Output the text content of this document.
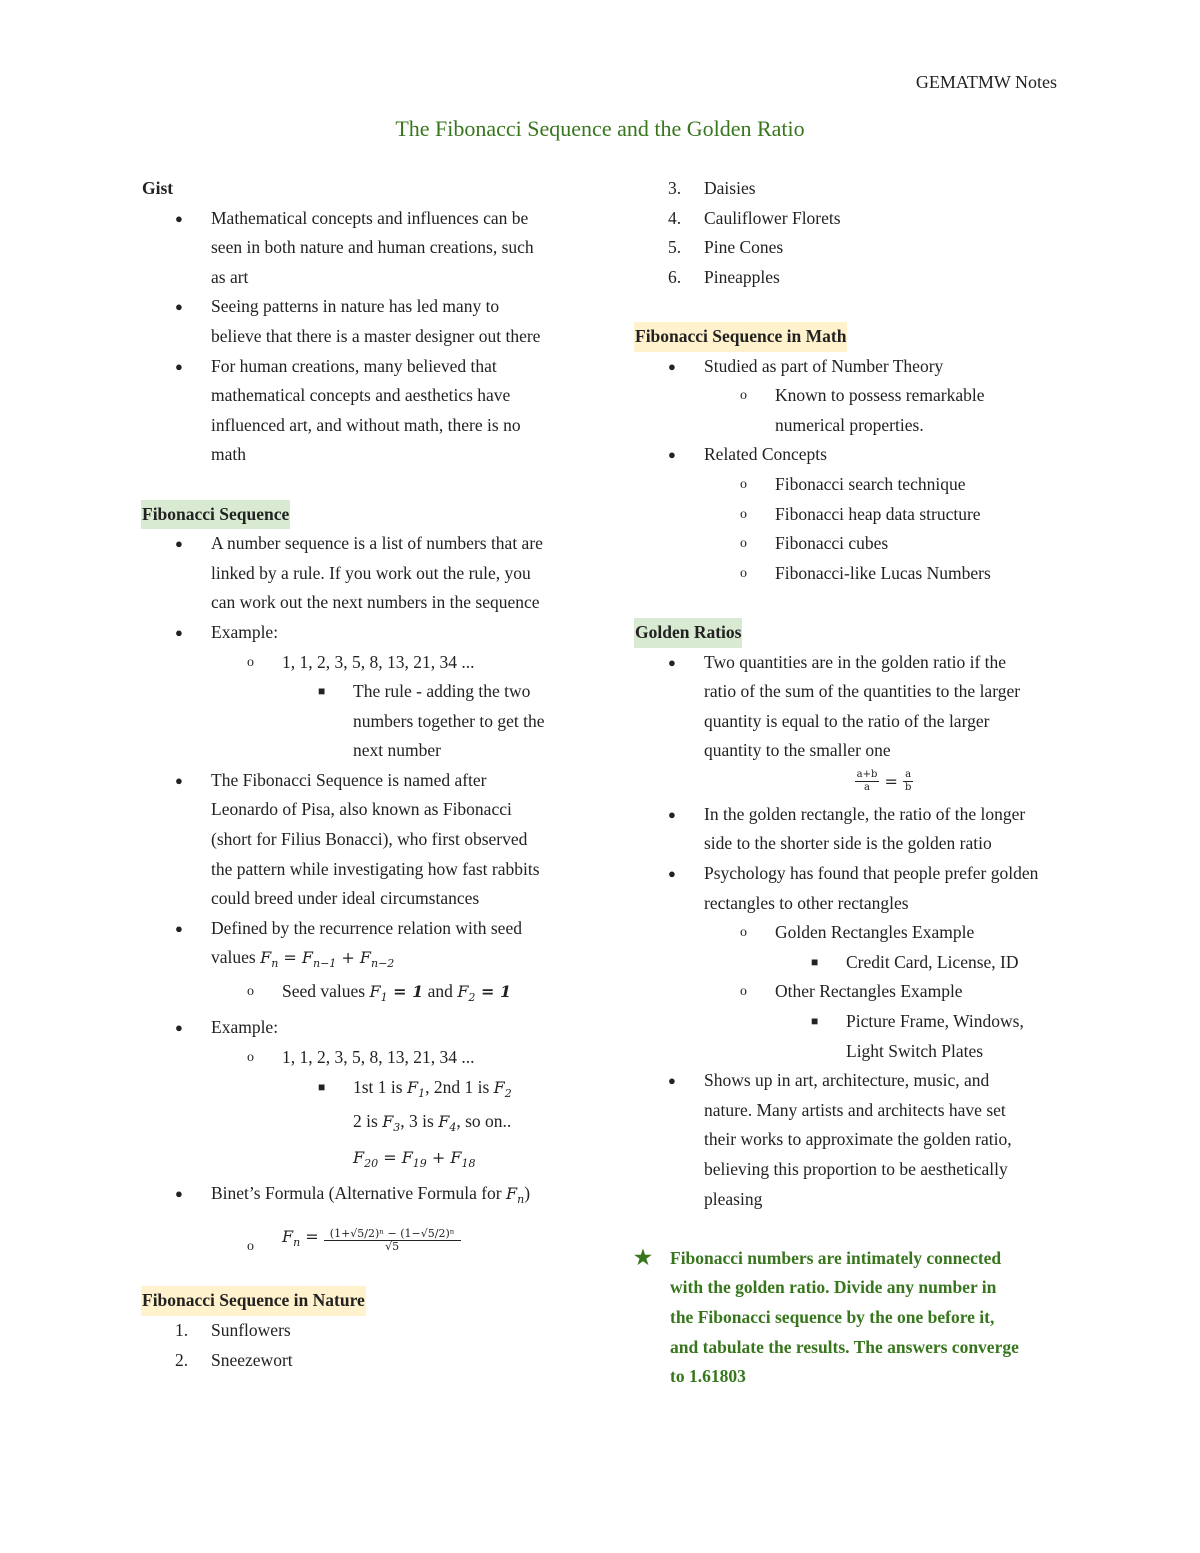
GEMATMW Notes
The Fibonacci Sequence and the Golden Ratio
Gist
● Mathematical concepts and influences can be
seen in both nature and human creations, such
as art
● Seeing patterns in nature has led many to
believe that there is a master designer out there
● For human creations, many believed that
mathematical concepts and aesthetics have
influenced art, and without math, there is no
math
Fibonacci Sequence
● A number sequence is a list of numbers that are
linked by a rule. If you work out the rule, you
can work out the next numbers in the sequence
● Example:
o 1, 1, 2, 3, 5, 8, 13, 21, 34 ...
■ The rule - adding the two
numbers together to get the
next number
● The Fibonacci Sequence is named after
Leonardo of Pisa, also known as Fibonacci
(short for Filius Bonacci), who first observed
the pattern while investigating how fast rabbits
could breed under ideal circumstances
● Defined by the recurrence relation with seed
values $F_n = F_{n-1} + F_{n-2}$
o Seed values $F_1 = 1$ and $F_2 = 1$
● Example:
o 1, 1, 2, 3, 5, 8, 13, 21, 34 ...
■ 1st 1 is $F_1$, 2nd 1 is $F_2$
2 is $F_3$, 3 is $F_4$, so on..
$F_{20} = F_{19} + F_{18}$
● Binet’s Formula (Alternative Formula for $F_n$)
o
$F_n = \frac{\text{(1+√5/2)ⁿ − (1−√5/2)ⁿ}}{√5}$
Fibonacci Sequence in Nature
1. Sunflowers
2. Sneezewort
3. Daisies
4. Cauliflower Florets
5. Pine Cones
6. Pineapples
Fibonacci Sequence in Math
● Studied as part of Number Theory
o Known to possess remarkable
numerical properties.
● Related Concepts
o Fibonacci search technique
o Fibonacci heap data structure
o Fibonacci cubes
o Fibonacci-like Lucas Numbers
Golden Ratios
● Two quantities are in the golden ratio if the
ratio of the sum of the quantities to the larger
quantity is equal to the ratio of the larger
quantity to the smaller one
$\frac{a+b}{a} = \frac{a}{b}$
● In the golden rectangle, the ratio of the longer
side to the shorter side is the golden ratio
● Psychology has found that people prefer golden
rectangles to other rectangles
o Golden Rectangles Example
■ Credit Card, License, ID
o Other Rectangles Example
■ Picture Frame, Windows,
Light Switch Plates
● Shows up in art, architecture, music, and
nature. Many artists and architects have set
their works to approximate the golden ratio,
believing this proportion to be aesthetically
pleasing
★ Fibonacci numbers are intimately connected
with the golden ratio. Divide any number in
the Fibonacci sequence by the one before it,
and tabulate the results. The answers converge
to 1.61803
